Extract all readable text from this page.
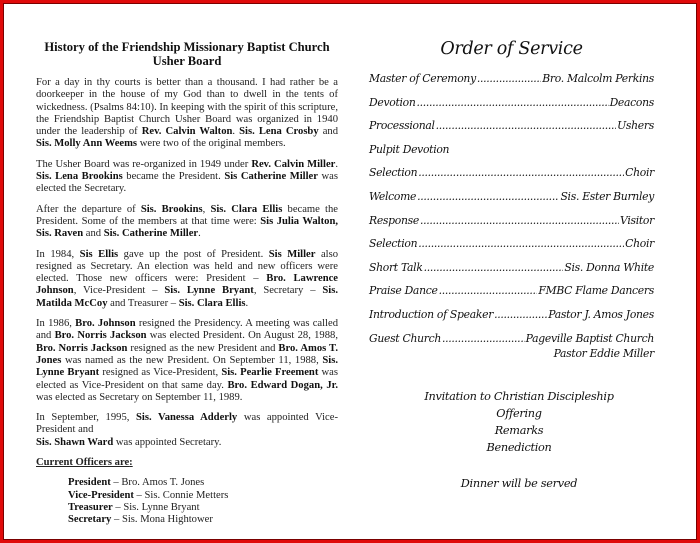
History of the Friendship Missionary Baptist Church
Usher Board

For a day in thy courts is better than a thousand. I had rather be a doorkeeper in the house of my God than to dwell in the tents of wickedness. (Psalms 84:10). In keeping with the spirit of this scripture, the Friendship Baptist Church Usher Board was organized in 1940 under the leadership of Rev. Calvin Walton. Sis. Lena Crosby and Sis. Molly Ann Weems were two of the original members.

The Usher Board was re-organized in 1949 under Rev. Calvin Miller. Sis. Lena Brookins became the President. Sis Catherine Miller was elected the Secretary.

After the departure of Sis. Brookins, Sis. Clara Ellis became the President. Some of the members at that time were: Sis Julia Walton, Sis. Raven and Sis. Catherine Miller.

In 1984, Sis Ellis gave up the post of President. Sis Miller also resigned as Secretary. An election was held and new officers were elected. Those new officers were: President – Bro. Lawrence Johnson, Vice-President – Sis. Lynne Bryant, Secretary – Sis. Matilda McCoy and Treasurer – Sis. Clara Ellis.

In 1986, Bro. Johnson resigned the Presidency. A meeting was called and Bro. Norris Jackson was elected President. On August 28, 1988, Bro. Norris Jackson resigned as the new President and Bro. Amos T. Jones was named as the new President. On September 11, 1988, Sis. Lynne Bryant resigned as Vice-President, Sis. Pearlie Freement was elected as Vice-President on that same day. Bro. Edward Dogan, Jr. was elected as Secretary on September 11, 1989.

In September, 1995, Sis. Vanessa Adderly was appointed Vice-President and
Sis. Shawn Ward was appointed Secretary.

Current Officers are:

President – Bro. Amos T. Jones
Vice-President – Sis. Connie Metters
Treasurer – Sis. Lynne Bryant
Secretary – Sis. Mona Hightower
Order of Service
Master of Ceremony .....	Bro. Malcolm Perkins
Devotion .....	Deacons
Processional .....	Ushers
Pulpit Devotion
Selection .....	Choir
Welcome .....	Sis. Ester Burnley
Response .....	Visitor
Selection .....	Choir
Short Talk .....	Sis. Donna White
Praise Dance .....	FMBC Flame Dancers
Introduction of Speaker .....	Pastor J. Amos Jones
Guest Church .....	Pageville Baptist Church
Pastor Eddie Miller
Invitation to Christian Discipleship
Offering
Remarks
Benediction
Dinner will be served
